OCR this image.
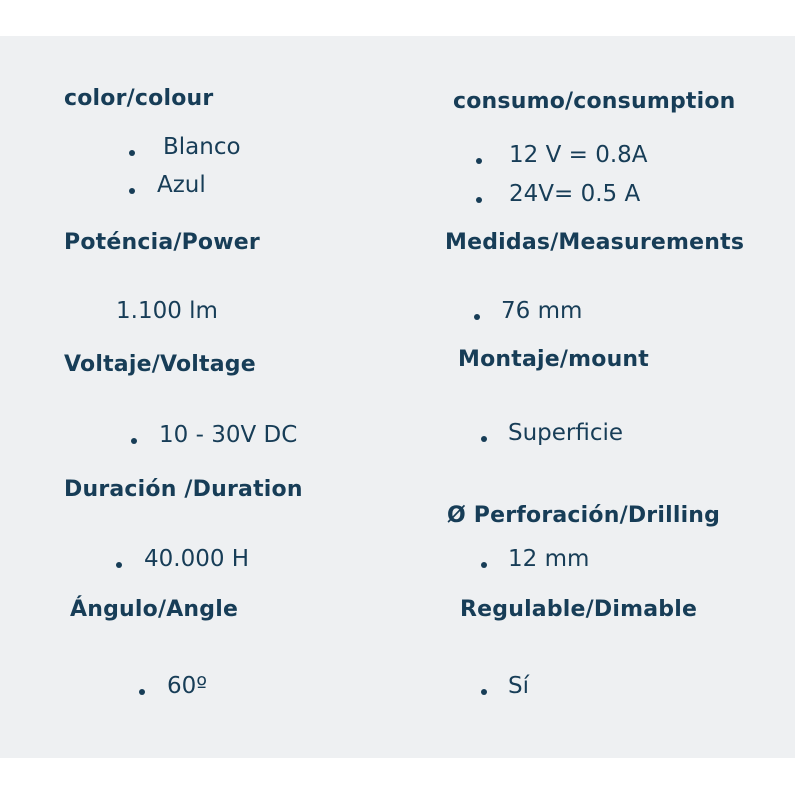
color/colour
Blanco
Azul
Poténcia/Power
1.100 lm
Voltaje/Voltage
10 - 30V DC
Duración /Duration
40.000 H
Ángulo/Angle
60º
consumo/consumption
12 V = 0.8A
24V= 0.5 A
Medidas/Measurements
76 mm
Montaje/mount
Superficie
Ø Perforación/Drilling
12 mm
Regulable/Dimable
Sí
